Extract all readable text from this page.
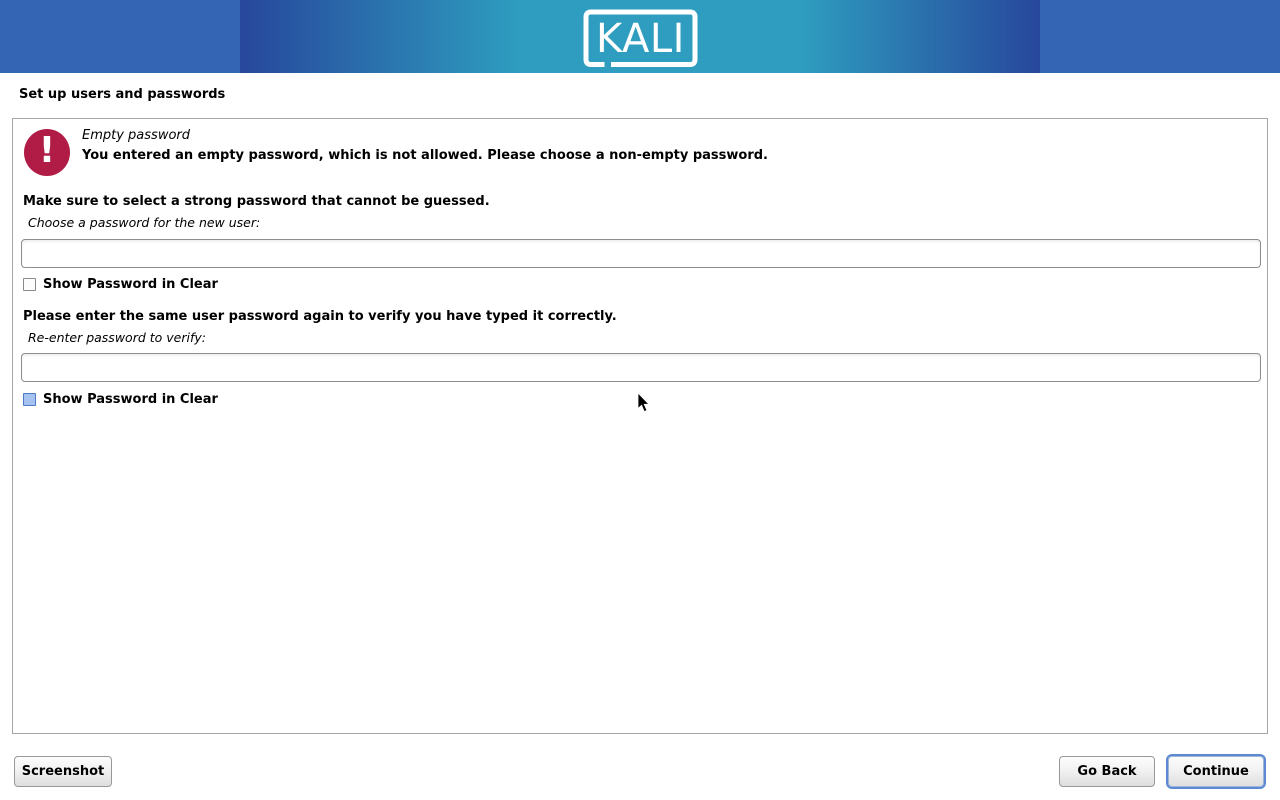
KALI
Set up users and passwords
! Empty password
You entered an empty password, which is not allowed. Please choose a non-empty password.
Make sure to select a strong password that cannot be guessed.
Choose a password for the new user:
Show Password in Clear
Please enter the same user password again to verify you have typed it correctly.
Re-enter password to verify:
Show Password in Clear
Screenshot	Go Back	Continue
